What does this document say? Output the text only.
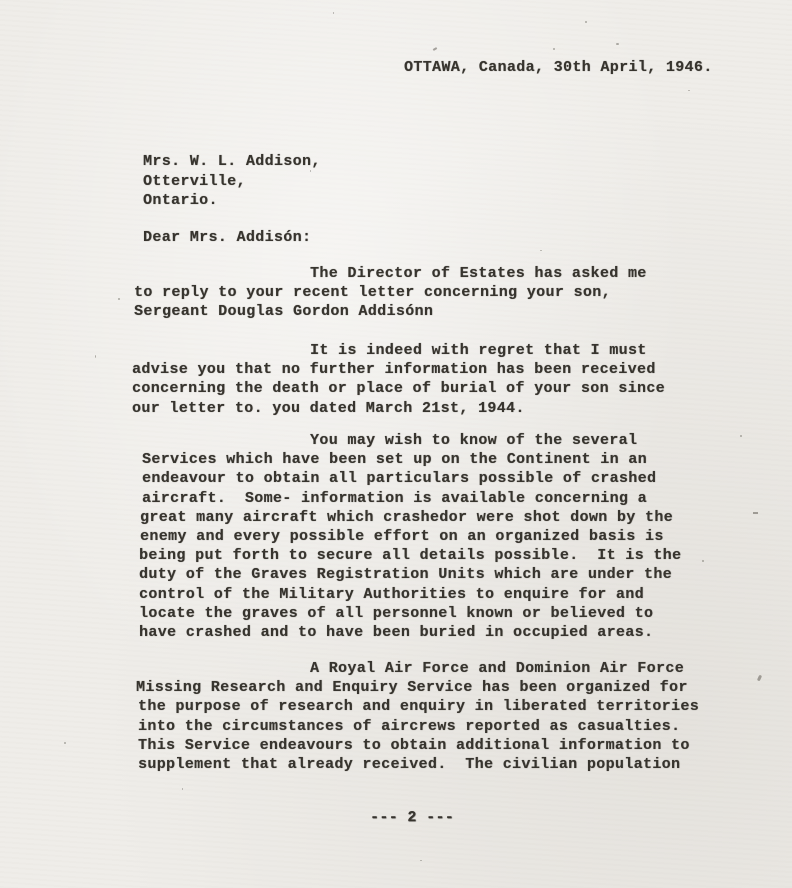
OTTAWA, Canada, 30th April, 1946.
Mrs. W. L. Addison,
Otterville,
Ontario.
Dear Mrs. Addisón:
The Director of Estates has asked me
to reply to your recent letter concerning your son,
Sergeant Douglas Gordon Addisónn
It is indeed with regret that I must
advise you that no further information has been received
concerning the death or place of burial of your son since
our letter to. you dated March 21st, 1944.
You may wish to know of the several
Services which have been set up on the Continent in an
endeavour to obtain all particulars possible of crashed
aircraft.  Some- information is available concerning a
great many aircraft which crashedor were shot down by the
enemy and every possible effort on an organized basis is
being put forth to secure all details possible.  It is the
duty of the Graves Registration Units which are under the
control of the Military Authorities to enquire for and
locate the graves of all personnel known or believed to
have crashed and to have been buried in occupied areas.
A Royal Air Force and Dominion Air Force
Missing Research and Enquiry Service has been organized for
the purpose of research and enquiry in liberated territories
into the circumstances of aircrews reported as casualties.
This Service endeavours to obtain additional information to
supplement that already received.  The civilian population
--- 2 ---
